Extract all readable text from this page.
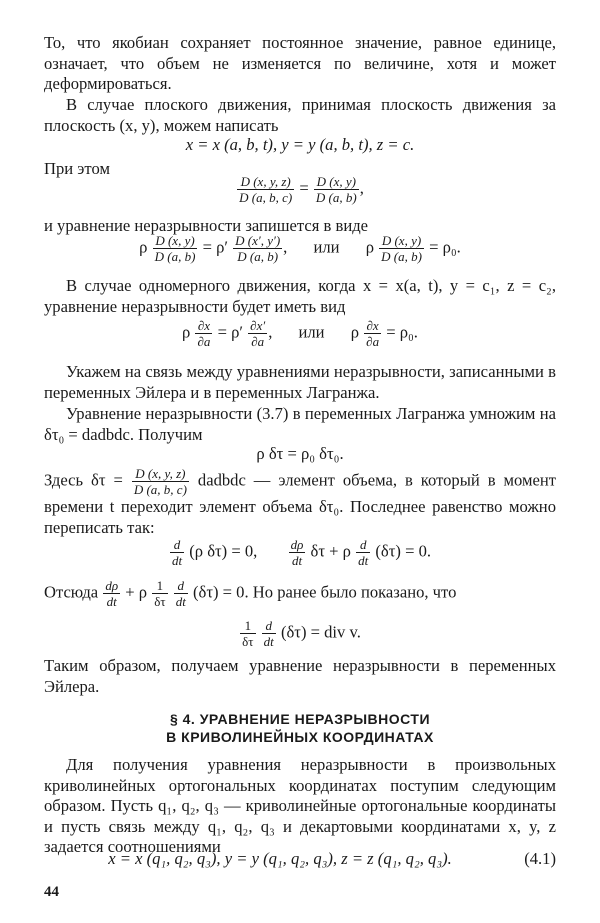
То, что якобиан сохраняет постоянное значение, равное единице, означает, что объем не изменяется по величине, хотя и может деформироваться.

В случае плоского движения, принимая плоскость движения за плоскость (x, y), можем написать

x = x (a, b, t), y = y (a, b, t), z = c.

При этом

$\frac{D (x, y, z)}{D (a, b, c)} = \frac{D (x, y)}{D (a, b)}$ ,

и уравнение неразрывности запишется в виде

ρ $\frac{D (x, y)}{D (a, b)} = \rho' \frac{D (x', y')}{D (a, b)}$ , или ρ $\frac{D (x, y)}{D (a, b)} = \rho_0$.

В случае одномерного движения, когда x = x(a, t), y = c₁, z = c₂, уравнение неразрывности будет иметь вид

ρ $\frac{\partial x}{\partial a} = \rho' \frac{\partial x'}{\partial a}$ , или ρ $\frac{\partial x}{\partial a} = \rho_0$.

Укажем на связь между уравнениями неразрывности, записанными в переменных Эйлера и в переменных Лагранжа.

Уравнение неразрывности (3.7) в переменных Лагранжа умножим на δτ₀ = dadbdc. Получим

ρ δτ = ρ₀ δτ₀.

Здесь $\delta\tau = \frac{D (x, y, z)}{D (a, b, c)}$ dadbdc — элемент объема, в который в момент времени t переходит элемент объема δτ₀. Последнее равенство можно переписать так:

$\frac{d}{dt} (\rho$ δτ) = 0, $\frac{d\rho}{dt}$ δτ + ρ $\frac{d}{dt} (\delta\tau) = 0$.

Отсюда $\frac{d\rho}{dt} + \rho \frac{1}{\delta\tau}$
$\frac{d}{dt} (\delta\tau) = 0$. Но ранее было показано, что

$\frac{1}{\delta\tau}$
$\frac{d}{dt} (\delta\tau)$ = div v.

Таким образом, получаем уравнение неразрывности в переменных Эйлера.

§ 4. УРАВНЕНИЕ НЕРАЗРЫВНОСТИ
В КРИВОЛИНЕЙНЫХ КООРДИНАТАХ

Для получения уравнения неразрывности в произвольных криволинейных ортогональных координатах поступим следующим образом. Пусть q₁, q₂, q₃ — криволинейные ортогональные координаты и пусть связь между q₁, q₂, q₃ и декартовыми координатами x, y, z задается соотношениями

x = x (q₁, q₂, q₃), y = y (q₁, q₂, q₃), z = z (q₁, q₂, q₃).	(4.1)
44
